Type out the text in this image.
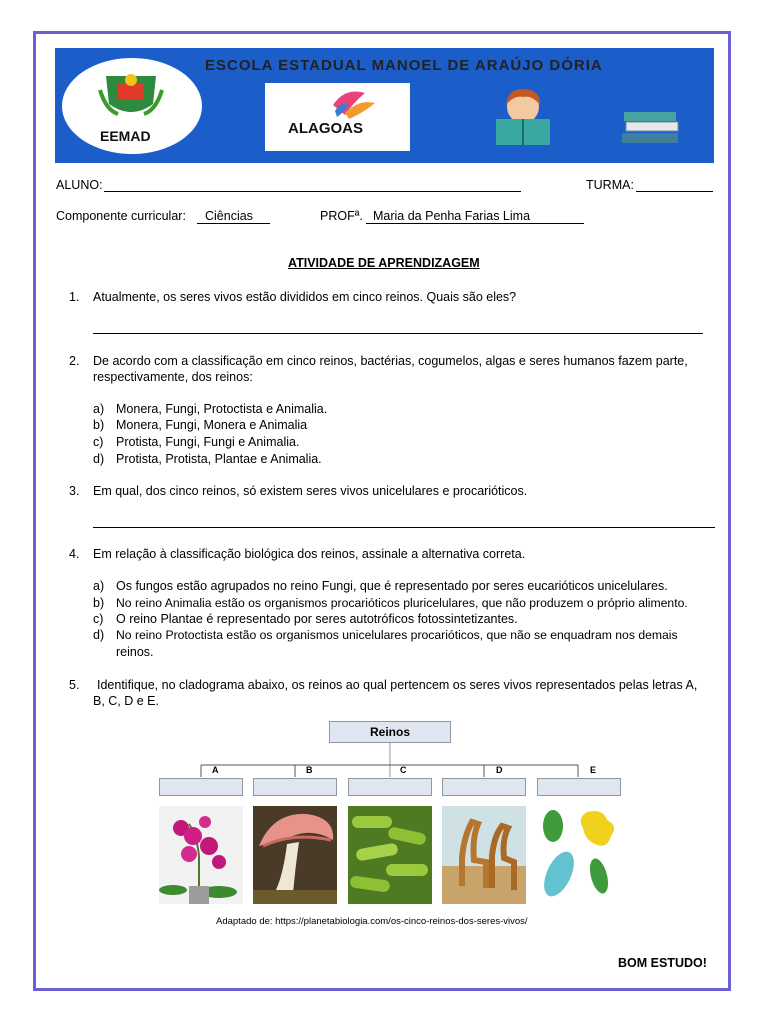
EEMAD
ESCOLA ESTADUAL MANOEL DE ARAÚJO DÓRIA
ALAGOAS
ALUNO:	TURMA:
Componente curricular: Ciências	PROFª. Maria da Penha Farias Lima
ATIVIDADE DE APRENDIZAGEM
1. Atualmente, os seres vivos estão divididos em cinco reinos. Quais são eles?
2. De acordo com a classificação em cinco reinos, bactérias, cogumelos, algas e seres humanos fazem parte,
respectivamente, dos reinos:
a) Monera, Fungi, Protoctista e Animalia.
b) Monera, Fungi, Monera e Animalia
c) Protista, Fungi, Fungi e Animalia.
d) Protista, Protista, Plantae e Animalia.
3. Em qual, dos cinco reinos, só existem seres vivos unicelulares e procarióticos.
4. Em relação à classificação biológica dos reinos, assinale a alternativa correta.
a) Os fungos estão agrupados no reino Fungi, que é representado por seres eucarióticos unicelulares.
b) No reino Animalia estão os organismos procarióticos pluricelulares, que não produzem o próprio alimento.
c) O reino Plantae é representado por seres autotróficos fotossintetizantes.
d) No reino Protoctista estão os organismos unicelulares procarióticos, que não se enquadram nos demais
reinos.
5. Identifique, no cladograma abaixo, os reinos ao qual pertencem os seres vivos representados pelas letras A,
B, C, D e E.
Reinos
A	B	C	D	E
Adaptado de: https://planetabiologia.com/os-cinco-reinos-dos-seres-vivos/
BOM ESTUDO!
